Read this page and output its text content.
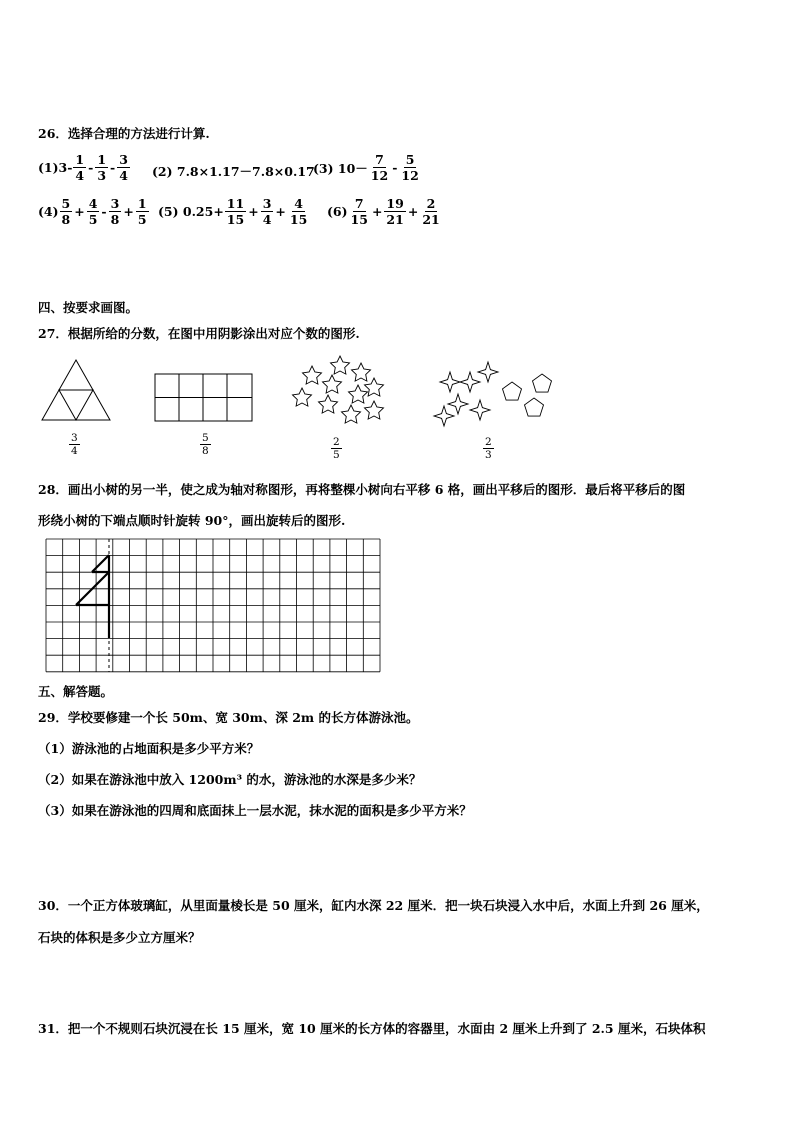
26．选择合理的方法进行计算.
$(1)3- \frac{1}{4} - \frac{1}{3} - \frac{3}{4} (2)$ 7.8×1.17－7.8×0.17
(3) $10- \frac{7}{12} - \frac{5}{12}$
$(4) \frac{5}{8} + \frac{4}{5} - \frac{3}{8} + \frac{1}{5} (5)$ $0.25+ \frac{11}{15} + \frac{3}{4} + \frac{4}{15} (6) \frac{7}{15} + \frac{19}{21} + \frac{2}{21}$
四、按要求画图。
27．根据所给的分数，在图中用阴影涂出对应个数的图形.
$\frac{3}{4}$	$\frac{5}{8}$	$\frac{2}{5}$	$\frac{2}{3}$
28．画出小树的另一半，使之成为轴对称图形，再将整棵小树向右平移 6 格，画出平移后的图形．最后将平移后的图
形绕小树的下端点顺时针旋转 90°，画出旋转后的图形.
五、解答题。
29．学校要修建一个长 50m、宽 30m、深 2m 的长方体游泳池。
（1）游泳池的占地面积是多少平方米？
（2）如果在游泳池中放入 1200m³ 的水，游泳池的水深是多少米？
（3）如果在游泳池的四周和底面抹上一层水泥，抹水泥的面积是多少平方米？
30．一个正方体玻璃缸，从里面量棱长是 50 厘米，缸内水深 22 厘米．把一块石块浸入水中后，水面上升到 26 厘米，
石块的体积是多少立方厘米？
31．把一个不规则石块沉浸在长 15 厘米，宽 10 厘米的长方体的容器里，水面由 2 厘米上升到了 2.5 厘米，石块体积
